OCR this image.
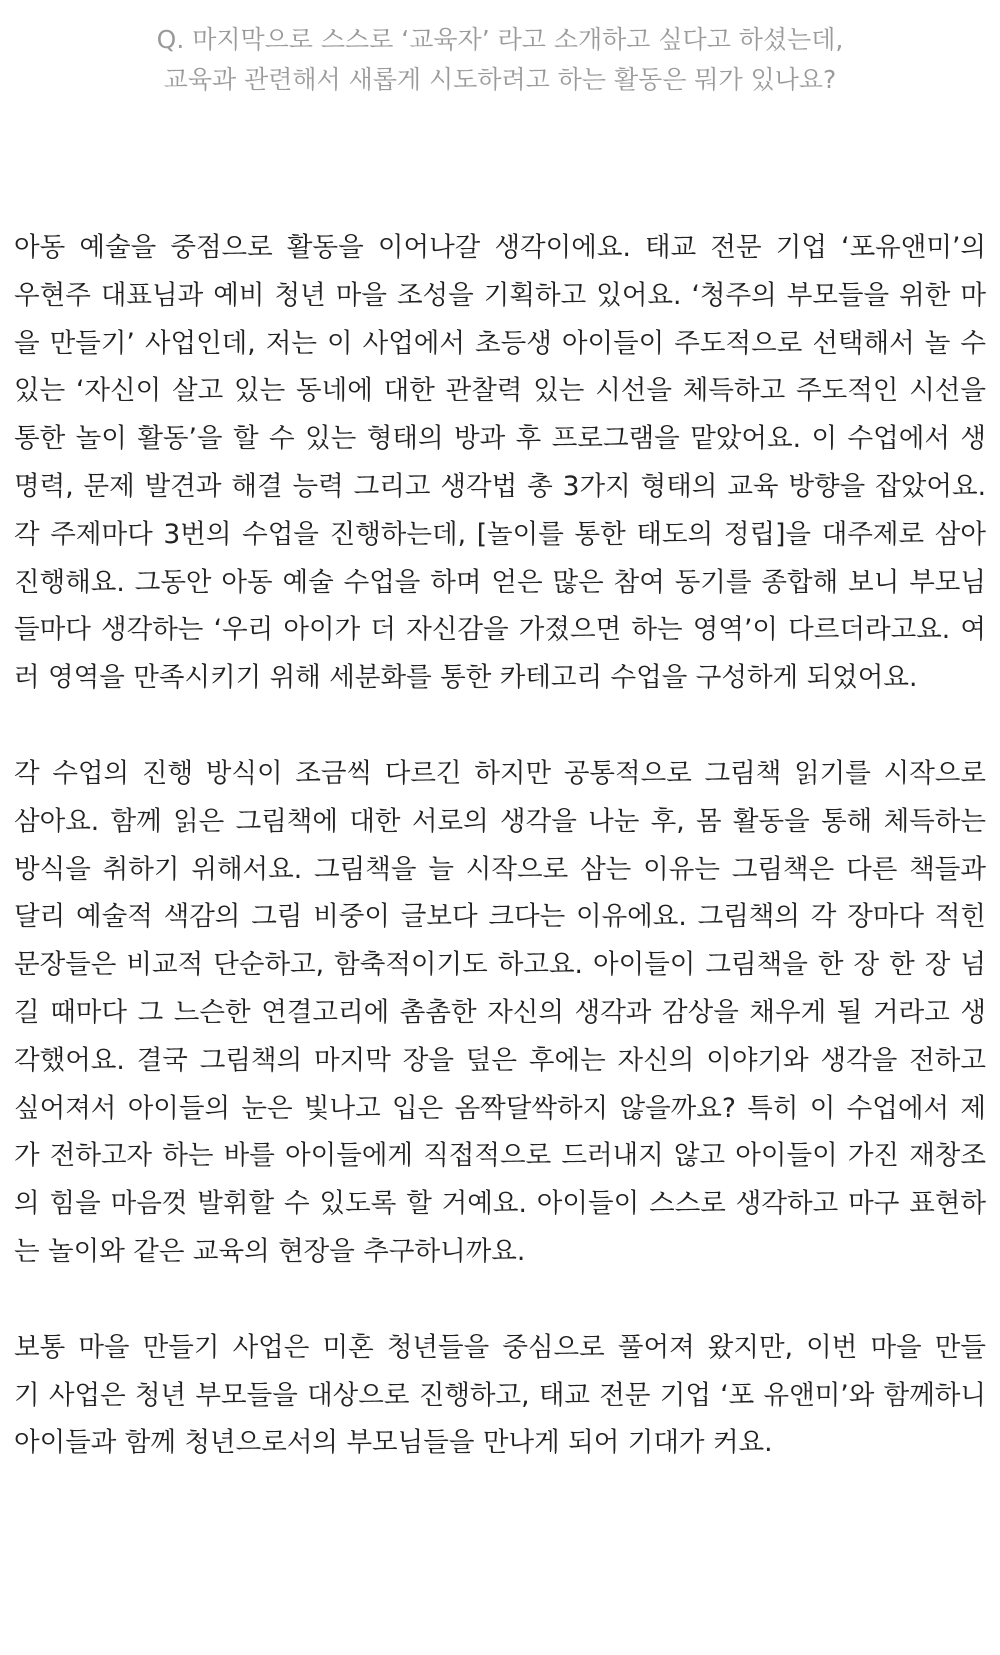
Q. 마지막으로 스스로 ‘교육자’ 라고 소개하고 싶다고 하셨는데,

교육과 관련해서 새롭게 시도하려고 하는 활동은 뭐가 있나요?

아동 예술을 중점으로 활동을 이어나갈 생각이에요. 태교 전문 기업 ‘포유앤미’의
우현주 대표님과 예비 청년 마을 조성을 기획하고 있어요. ‘청주의 부모들을 위한 마
을 만들기’ 사업인데, 저는 이 사업에서 초등생 아이들이 주도적으로 선택해서 놀 수
있는 ‘자신이 살고 있는 동네에 대한 관찰력 있는 시선을 체득하고 주도적인 시선을
통한 놀이 활동’을 할 수 있는 형태의 방과 후 프로그램을 맡았어요. 이 수업에서 생
명력, 문제 발견과 해결 능력 그리고 생각법 총 3가지 형태의 교육 방향을 잡았어요.
각 주제마다 3번의 수업을 진행하는데, [놀이를 통한 태도의 정립]을 대주제로 삼아
진행해요. 그동안 아동 예술 수업을 하며 얻은 많은 참여 동기를 종합해 보니 부모님
들마다 생각하는 ‘우리 아이가 더 자신감을 가졌으면 하는 영역’이 다르더라고요. 여
러 영역을 만족시키기 위해 세분화를 통한 카테고리 수업을 구성하게 되었어요.
각 수업의 진행 방식이 조금씩 다르긴 하지만 공통적으로 그림책 읽기를 시작으로
삼아요. 함께 읽은 그림책에 대한 서로의 생각을 나눈 후, 몸 활동을 통해 체득하는
방식을 취하기 위해서요. 그림책을 늘 시작으로 삼는 이유는 그림책은 다른 책들과
달리 예술적 색감의 그림 비중이 글보다 크다는 이유에요. 그림책의 각 장마다 적힌
문장들은 비교적 단순하고, 함축적이기도 하고요. 아이들이 그림책을 한 장 한 장 넘
길 때마다 그 느슨한 연결고리에 촘촘한 자신의 생각과 감상을 채우게 될 거라고 생
각했어요. 결국 그림책의 마지막 장을 덮은 후에는 자신의 이야기와 생각을 전하고
싶어져서 아이들의 눈은 빛나고 입은 옴짝달싹하지 않을까요? 특히 이 수업에서 제
가 전하고자 하는 바를 아이들에게 직접적으로 드러내지 않고 아이들이 가진 재창조
의 힘을 마음껏 발휘할 수 있도록 할 거예요. 아이들이 스스로 생각하고 마구 표현하
는 놀이와 같은 교육의 현장을 추구하니까요.
보통 마을 만들기 사업은 미혼 청년들을 중심으로 풀어져 왔지만, 이번 마을 만들
기 사업은 청년 부모들을 대상으로 진행하고, 태교 전문 기업 ‘포 유앤미’와 함께하니
아이들과 함께 청년으로서의 부모님들을 만나게 되어 기대가 커요.
